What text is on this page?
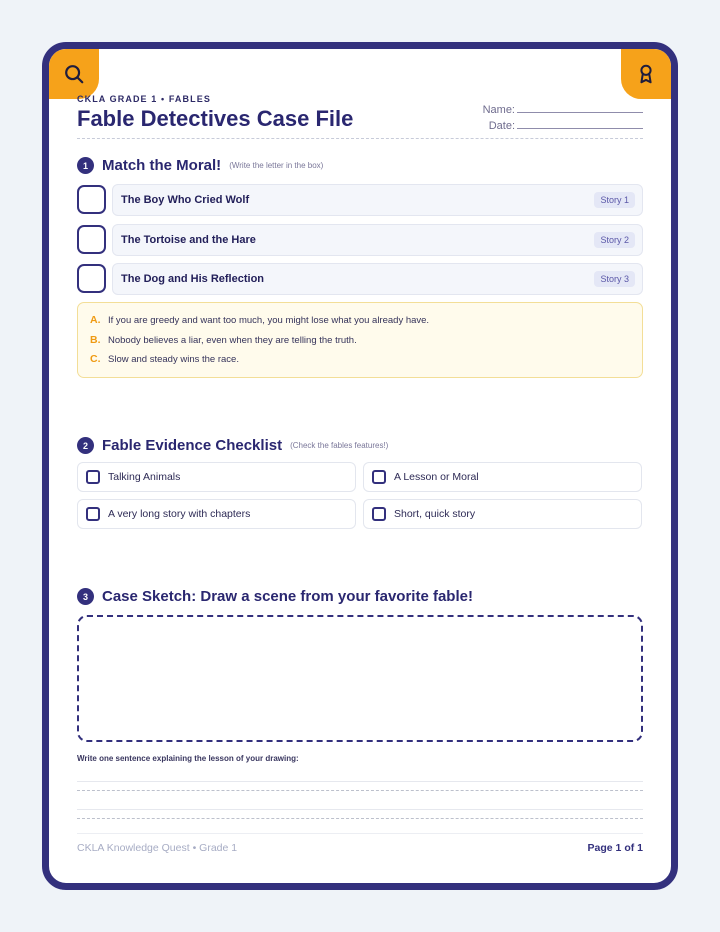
CKLA GRADE 1 • FABLES
Fable Detectives Case File	Name:
Date:
1 Match the Moral! (Write the letter in the box)
The Boy Who Cried Wolf	Story 1
The Tortoise and the Hare	Story 2
The Dog and His Reflection	Story 3
A. If you are greedy and want too much, you might lose what you already have.
B. Nobody believes a liar, even when they are telling the truth.
C. Slow and steady wins the race.
2 Fable Evidence Checklist (Check the fables features!)
Talking Animals	A Lesson or Moral
A very long story with chapters	Short, quick story
3 Case Sketch: Draw a scene from your favorite fable!
Write one sentence explaining the lesson of your drawing:
CKLA Knowledge Quest • Grade 1	Page 1 of 1
